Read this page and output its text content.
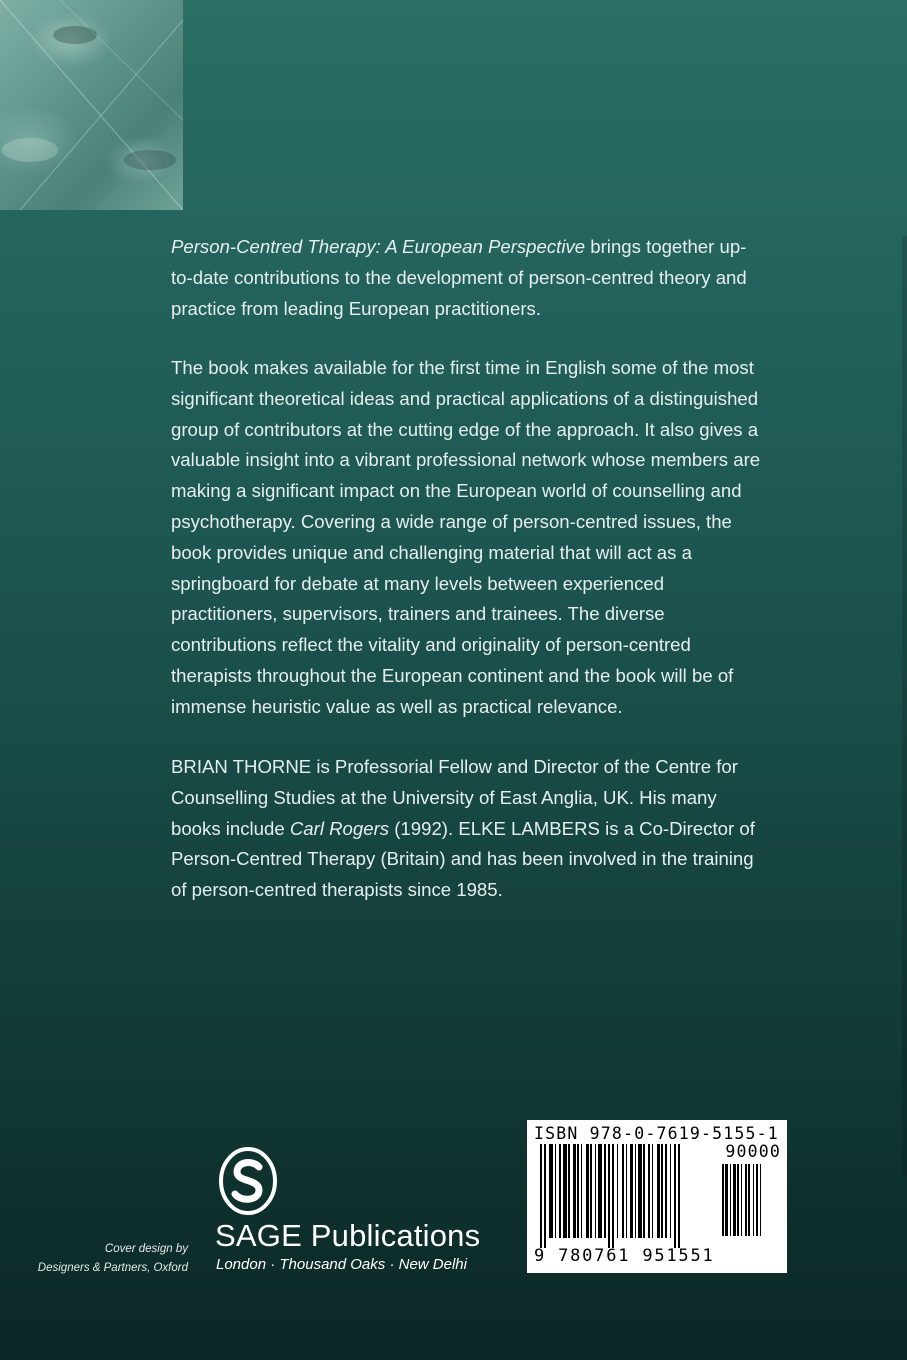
Person-Centred Therapy: A European Perspective brings together up-to-date contributions to the development of person-centred theory and practice from leading European practitioners.

The book makes available for the first time in English some of the most significant theoretical ideas and practical applications of a distinguished group of contributors at the cutting edge of the approach. It also gives a valuable insight into a vibrant professional network whose members are making a significant impact on the European world of counselling and psychotherapy. Covering a wide range of person-centred issues, the book provides unique and challenging material that will act as a springboard for debate at many levels between experienced practitioners, supervisors, trainers and trainees. The diverse contributions reflect the vitality and originality of person-centred therapists throughout the European continent and the book will be of immense heuristic value as well as practical relevance.

BRIAN THORNE is Professorial Fellow and Director of the Centre for Counselling Studies at the University of East Anglia, UK. His many books include Carl Rogers (1992). ELKE LAMBERS is a Co-Director of Person-Centred Therapy (Britain) and has been involved in the training of person-centred therapists since 1985.

Cover design by
Designers & Partners, Oxford
SAGE Publications
London · Thousand Oaks · New Delhi
ISBN 978-0-7619-5155-1
90000
9 780761 951551
